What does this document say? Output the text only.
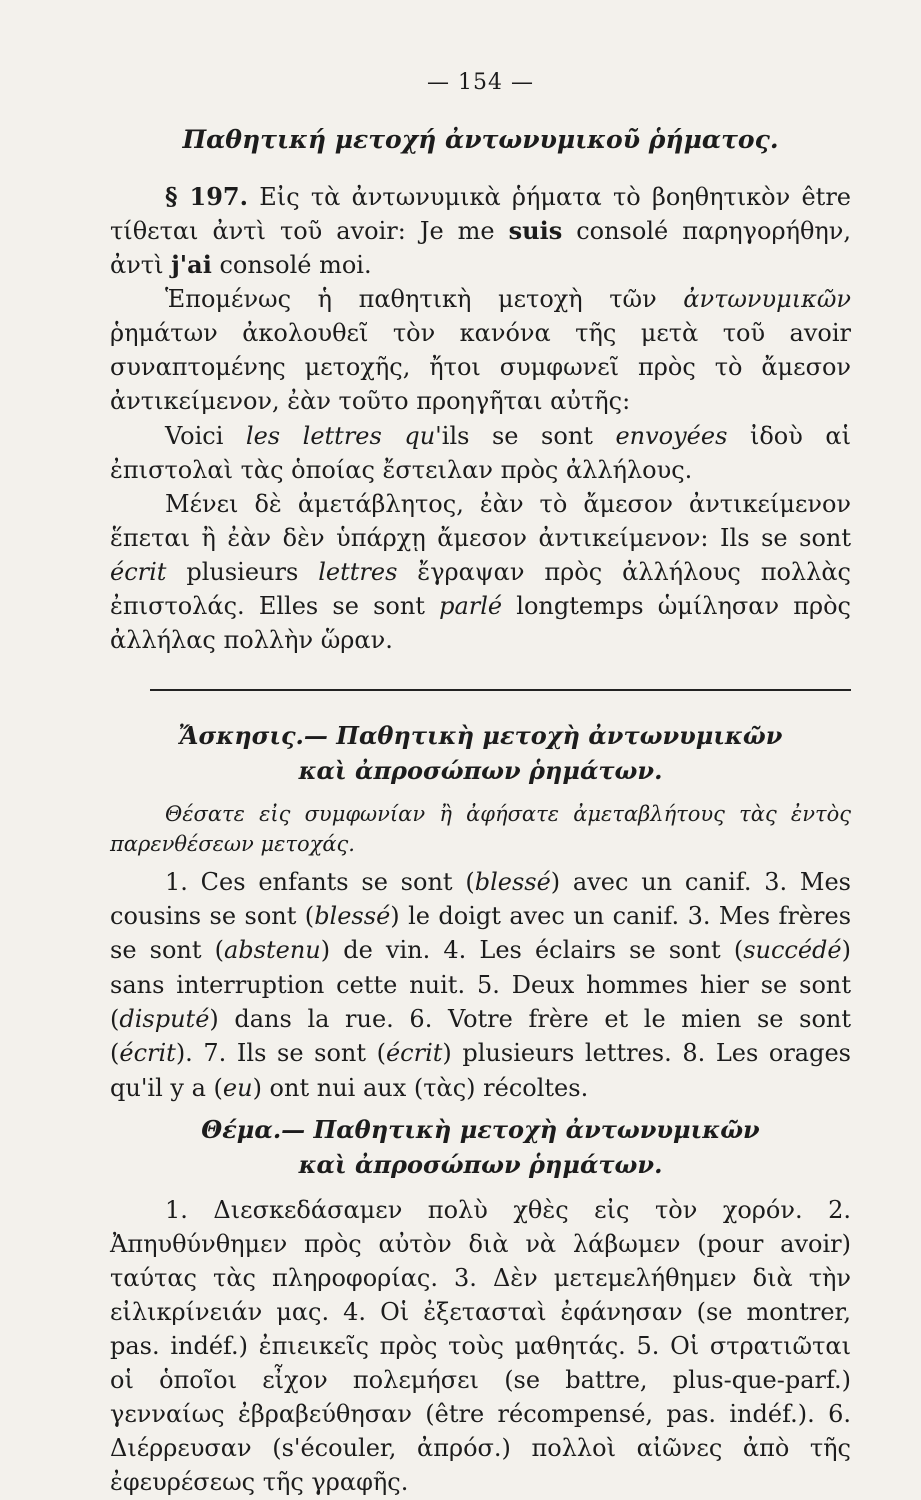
— 154 —
Παθητική μετοχή ἀντωνυμικοῦ ῥήματος.

§ 197. Εἰς τὰ ἀντωνυμικὰ ῥήματα τὸ βοηθητικὸν être τίθεται ἀντὶ τοῦ avoir: Je me suis consolé παρηγορήθην, ἀντὶ j'ai consolé moi.

Ἑπομένως ἡ παθητικὴ μετοχὴ τῶν ἀντωνυμικῶν ῥημάτων ἀκολουθεῖ τὸν κανόνα τῆς μετὰ τοῦ avoir συναπτομένης μετοχῆς, ἤτοι συμφωνεῖ πρὸς τὸ ἄμεσον ἀντικείμενον, ἐὰν τοῦτο προηγῆται αὐτῆς:

Voici les lettres qu'ils se sont envoyées ἰδοὺ αἱ ἐπιστολαὶ τὰς ὁποίας ἔστειλαν πρὸς ἀλλήλους.

Μένει δὲ ἀμετάβλητος, ἐὰν τὸ ἄμεσον ἀντικείμενον ἕπεται ἢ ἐὰν δὲν ὑπάρχῃ ἄμεσον ἀντικείμενον: Ils se sont écrit plusieurs lettres ἔγραψαν πρὸς ἀλλήλους πολλὰς ἐπιστολάς. Elles se sont parlé longtemps ὡμίλησαν πρὸς ἀλλήλας πολλὴν ὥραν.

Ἄσκησις.— Παθητικὴ μετοχὴ ἀντωνυμικῶν
καὶ ἀπροσώπων ῥημάτων.

Θέσατε εἰς συμφωνίαν ἢ ἀφήσατε ἀμεταβλήτους τὰς ἐντὸς παρενθέσεων μετοχάς.

1. Ces enfants se sont (blessé) avec un canif. 3. Mes cousins se sont (blessé) le doigt avec un canif. 3. Mes frères se sont (abstenu) de vin. 4. Les éclairs se sont (succédé) sans interruption cette nuit. 5. Deux hommes hier se sont (disputé) dans la rue. 6. Votre frère et le mien se sont (écrit). 7. Ils se sont (écrit) plusieurs lettres. 8. Les orages qu'il y a (eu) ont nui aux (τὰς) récoltes.

Θέμα.— Παθητικὴ μετοχὴ ἀντωνυμικῶν
καὶ ἀπροσώπων ῥημάτων.

1. Διεσκεδάσαμεν πολὺ χθὲς εἰς τὸν χορόν. 2. Ἀπηυθύνθημεν πρὸς αὐτὸν διὰ νὰ λάβωμεν (pour avoir) ταύτας τὰς πληροφορίας. 3. Δὲν μετεμελήθημεν διὰ τὴν εἰλικρίνειάν μας. 4. Οἱ ἐξετασταὶ ἐφάνησαν (se montrer, pas. indéf.) ἐπιεικεῖς πρὸς τοὺς μαθητάς. 5. Οἱ στρατιῶται οἱ ὁποῖοι εἶχον πολεμήσει (se battre, plus-que-parf.) γενναίως ἐβραβεύθησαν (être récompensé, pas. indéf.). 6. Διέρρευσαν (s'écouler, ἀπρόσ.) πολλοὶ αἰῶνες ἀπὸ τῆς ἐφευρέσεως τῆς γραφῆς.
